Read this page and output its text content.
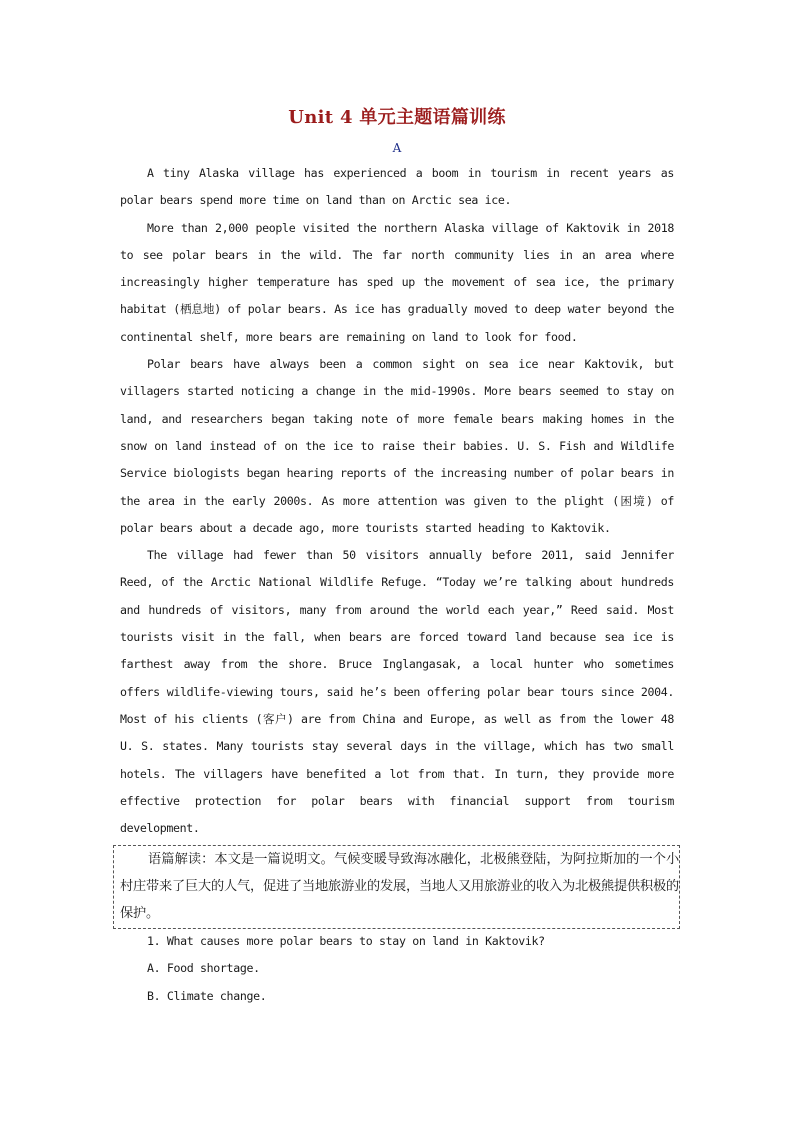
Unit 4 单元主题语篇训练
A

A tiny Alaska village has experienced a boom in tourism in recent years as polar bears spend more time on land than on Arctic sea ice.

More than 2,000 people visited the northern Alaska village of Kaktovik in 2018 to see polar bears in the wild. The far north community lies in an area where increasingly higher temperature has sped up the movement of sea ice, the primary habitat (栖息地) of polar bears. As ice has gradually moved to deep water beyond the continental shelf, more bears are remaining on land to look for food.

Polar bears have always been a common sight on sea ice near Kaktovik, but villagers started noticing a change in the mid-1990s. More bears seemed to stay on land, and researchers began taking note of more female bears making homes in the snow on land instead of on the ice to raise their babies. U. S. Fish and Wildlife Service biologists began hearing reports of the increasing number of polar bears in the area in the early 2000s. As more attention was given to the plight (困境) of polar bears about a decade ago, more tourists started heading to Kaktovik.

The village had fewer than 50 visitors annually before 2011, said Jennifer Reed, of the Arctic National Wildlife Refuge. “Today we’re talking about hundreds and hundreds of visitors, many from around the world each year,” Reed said. Most tourists visit in the fall, when bears are forced toward land because sea ice is farthest away from the shore. Bruce Inglangasak, a local hunter who sometimes offers wildlife-viewing tours, said he’s been offering polar bear tours since 2004. Most of his clients (客户) are from China and Europe, as well as from the lower 48 U. S. states. Many tourists stay several days in the village, which has two small hotels. The villagers have benefited a lot from that. In turn, they provide more effective protection for polar bears with financial support from tourism development.

语篇解读：本文是一篇说明文。气候变暖导致海冰融化，北极熊登陆，为阿拉斯加的一个小村庄带来了巨大的人气，促进了当地旅游业的发展，当地人又用旅游业的收入为北极熊提供积极的保护。

1. What causes more polar bears to stay on land in Kaktovik?
A. Food shortage.
B. Climate change.
